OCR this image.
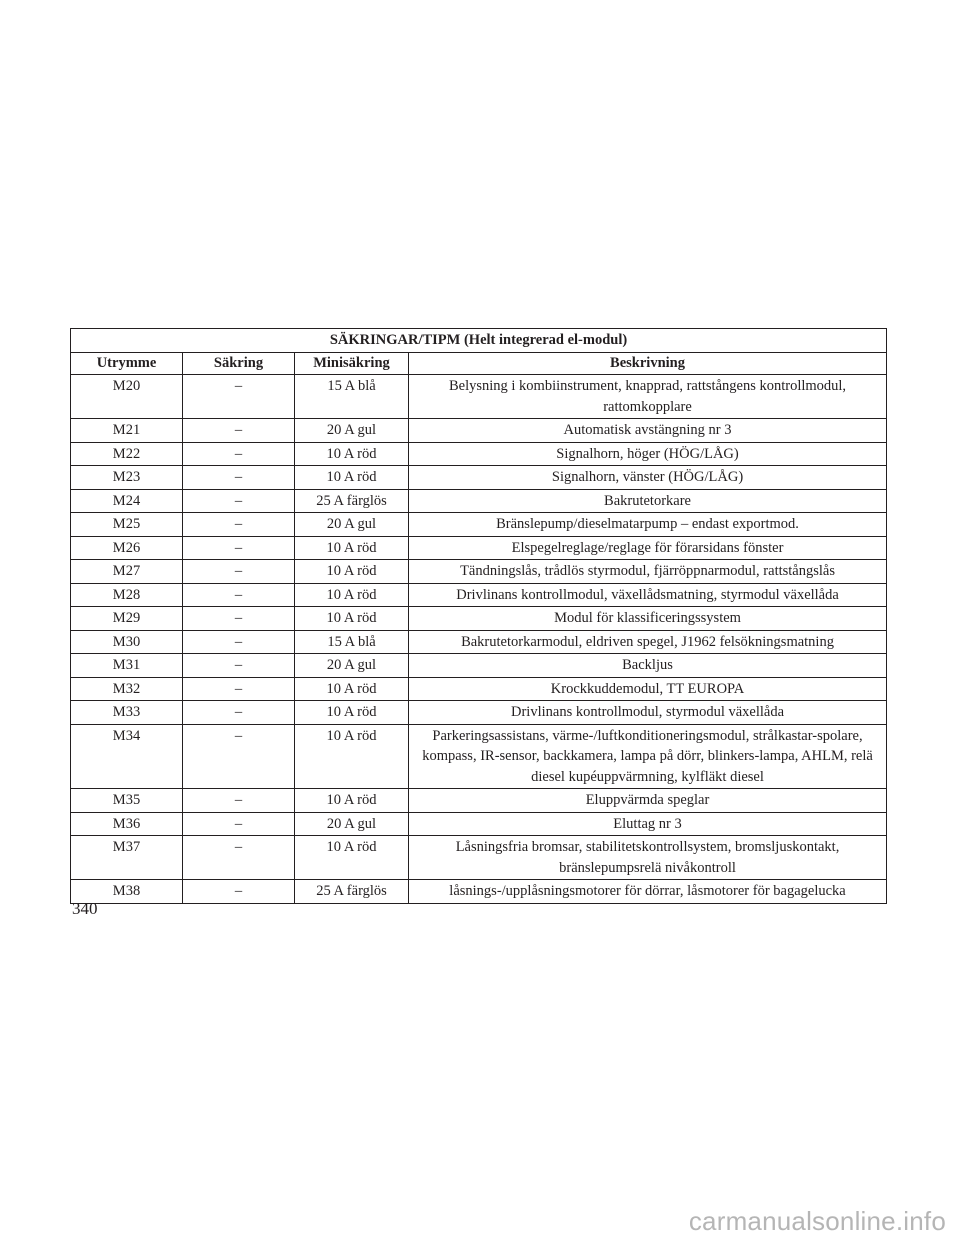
SÄKRINGAR/TIPM (Helt integrerad el-modul)			
Utrymme	Säkring	Minisäkring	Beskrivning
M20	–	15 A blå	Belysning i kombiinstrument, knapprad, rattstångens kontrollmodul, rattomkopplare
M21	–	20 A gul	Automatisk avstängning nr 3
M22	–	10 A röd	Signalhorn, höger (HÖG/LÅG)
M23	–	10 A röd	Signalhorn, vänster (HÖG/LÅG)
M24	–	25 A färglös	Bakrutetorkare
M25	–	20 A gul	Bränslepump/dieselmatarpump – endast exportmod.
M26	–	10 A röd	Elspegelreglage/reglage för förarsidans fönster
M27	–	10 A röd	Tändningslås, trådlös styrmodul, fjärröppnarmodul, rattstångslås
M28	–	10 A röd	Drivlinans kontrollmodul, växellådsmatning, styrmodul växellåda
M29	–	10 A röd	Modul för klassificeringssystem
M30	–	15 A blå	Bakrutetorkarmodul, eldriven spegel, J1962 felsökningsmatning
M31	–	20 A gul	Backljus
M32	–	10 A röd	Krockkuddemodul, TT EUROPA
M33	–	10 A röd	Drivlinans kontrollmodul, styrmodul växellåda
M34	–	10 A röd	Parkeringsassistans, värme-/luftkonditioneringsmodul, strålkastar-spolare, kompass, IR-sensor, backkamera, lampa på dörr, blinkers-lampa, AHLM, relä diesel kupéuppvärmning, kylfläkt diesel
M35	–	10 A röd	Eluppvärmda speglar
M36	–	20 A gul	Eluttag nr 3
M37	–	10 A röd	Låsningsfria bromsar, stabilitetskontrollsystem, bromsljuskontakt, bränslepumpsrelä nivåkontroll
M38	–	25 A färglös	låsnings-/upplåsningsmotorer för dörrar, låsmotorer för bagagelucka
340
carmanualsonline.info
